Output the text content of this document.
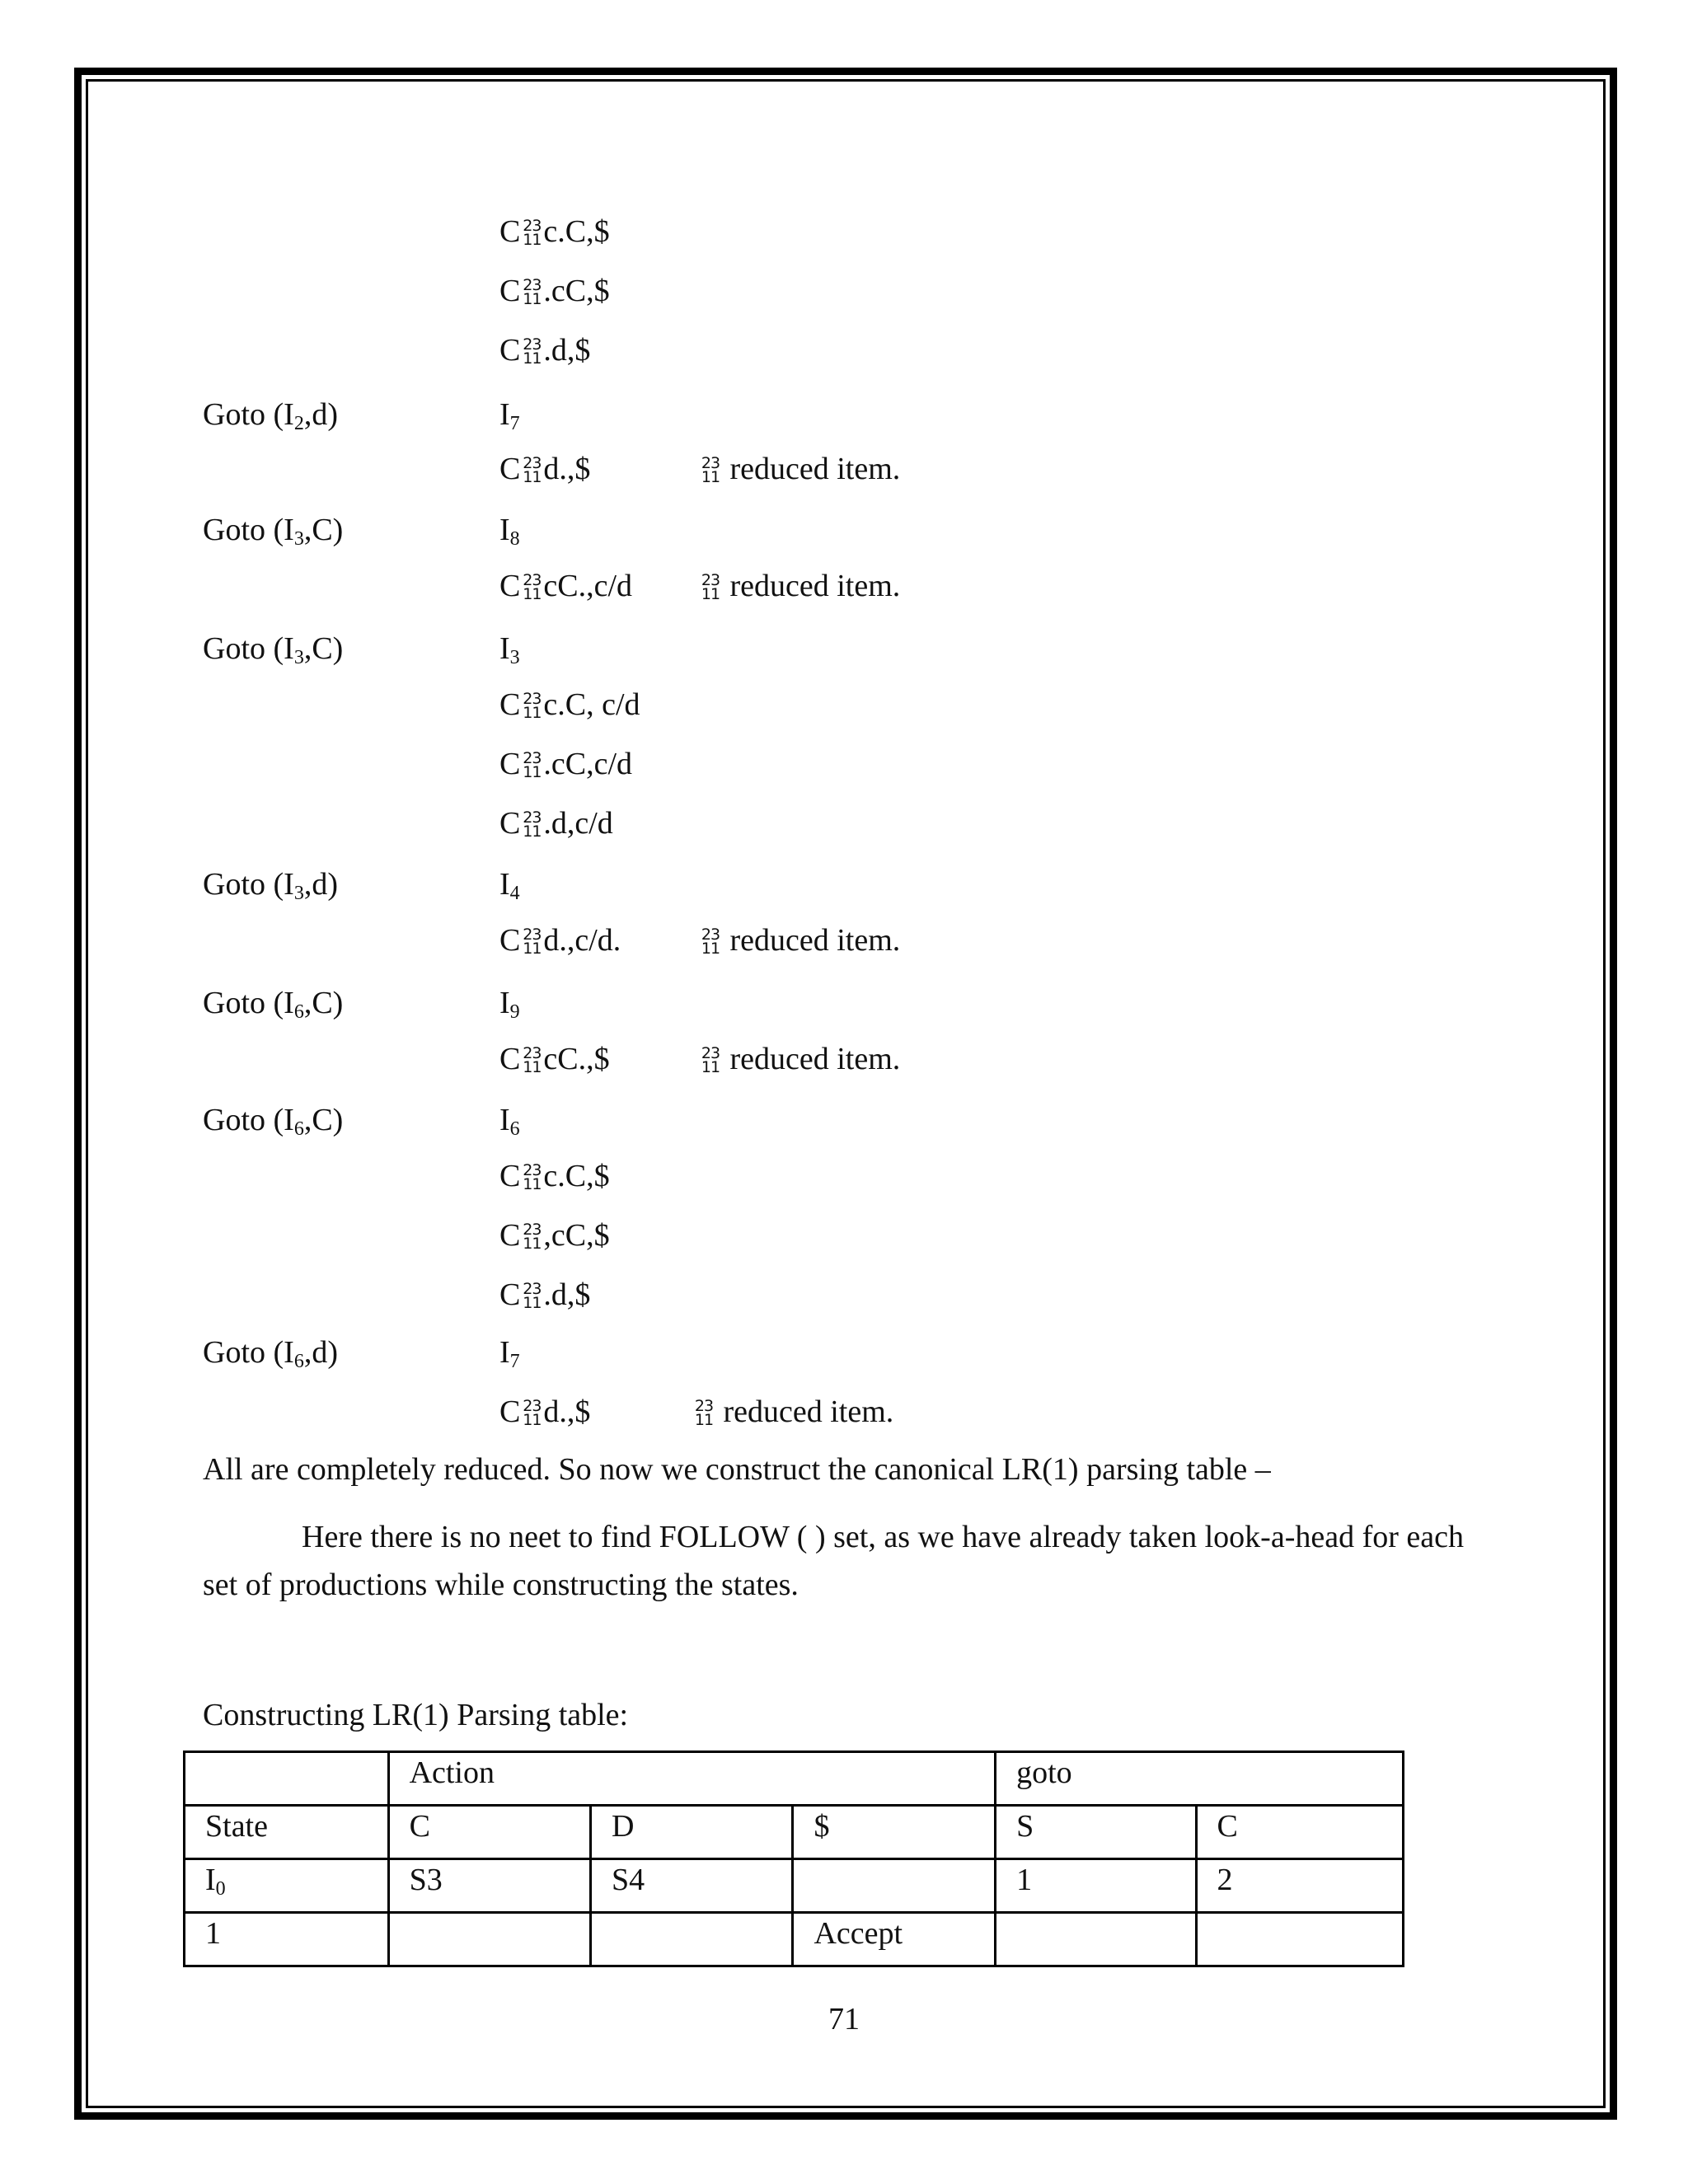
C 23
11 c.C,$
C 23
11 .cC,$
C 23
11 .d,$
Goto $(I_2,d)$	$I_7$
C 23
11 d.,$	23
11 reduced item.
Goto $(I_3,C)$	$I_8$
C 23
11 cC.,c/d	23
11 reduced item.
Goto $(I_3,C)$	$I_3$
C 23
11 c.C, c/d
C 23
11 .cC,c/d
C 23
11 .d,c/d
Goto $(I_3,d)$	$I_4$
C 23
11 d.,c/d.	23
11 reduced item.
Goto $(I_6,C)$	$I_9$
C 23
11 cC.,$	23
11 reduced item.
Goto $(I_6,C)$	$I_6$
C 23
11 c.C,$
C 23
11 ,cC,$
C 23
11 .d,$
Goto $(I_6,d)$	$I_7$
C 23
11 d.,$	23
11 reduced item.
All are completely reduced. So now we construct the canonical LR(1) parsing table –
Here there is no neet to find FOLLOW ( ) set, as we have already taken look-a-head for each set of productions while constructing the states.
Constructing LR(1) Parsing table:
	Action			goto	
State	C	D	$	S	C
$I_0$	S3	S4		1	2
1			Accept		
71
